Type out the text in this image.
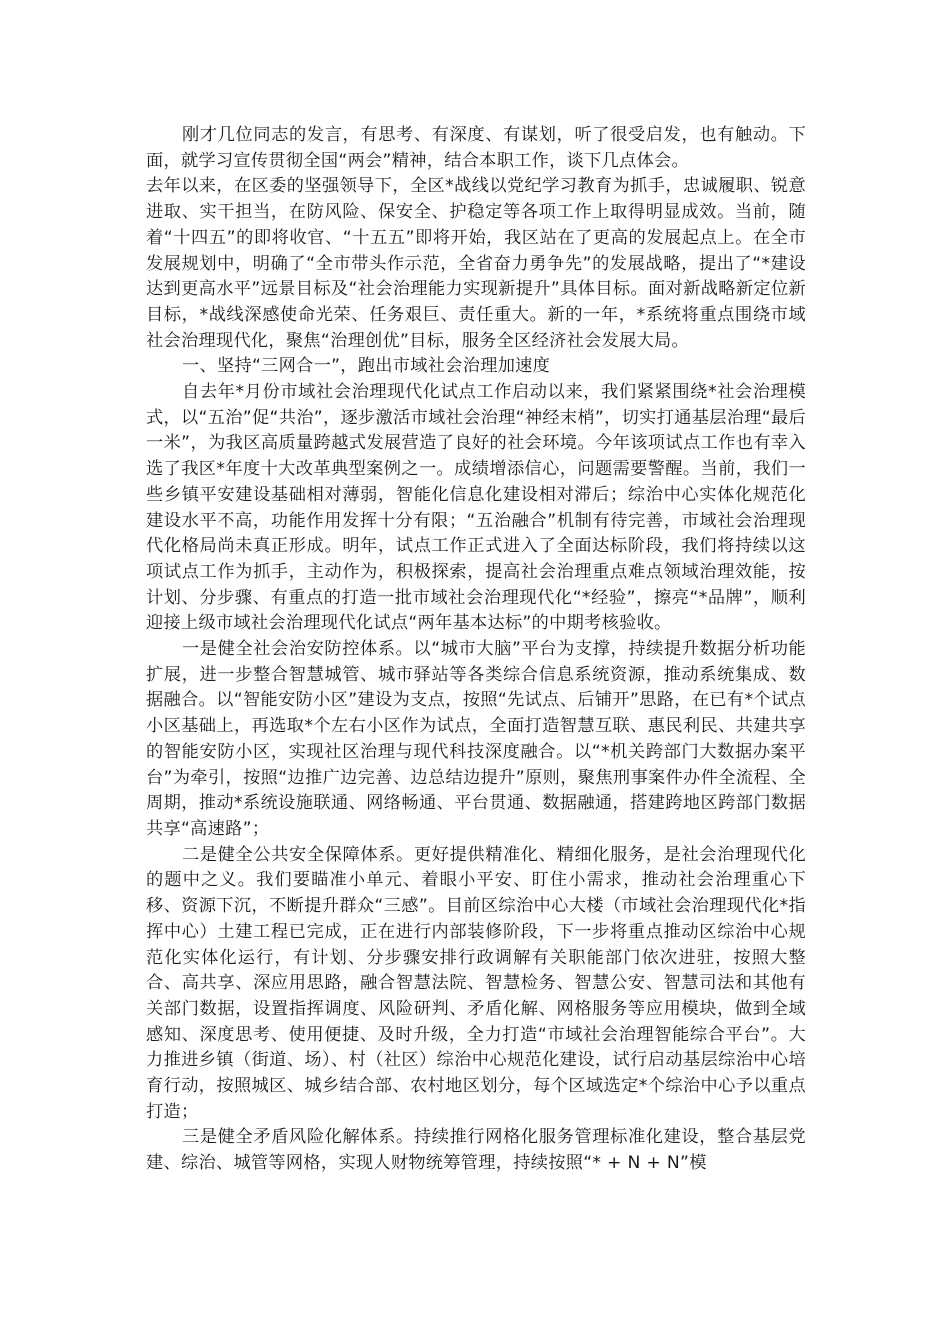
刚才几位同志的发言，有思考、有深度、有谋划，听了很受启发，也有触动。下面，就学习宣传贯彻全国“两会”精神，结合本职工作，谈下几点体会。

去年以来，在区委的坚强领导下，全区*战线以党纪学习教育为抓手，忠诚履职、锐意进取、实干担当，在防风险、保安全、护稳定等各项工作上取得明显成效。当前，随着“十四五”的即将收官、“十五五”即将开始，我区站在了更高的发展起点上。在全市发展规划中，明确了“全市带头作示范，全省奋力勇争先”的发展战略，提出了“*建设达到更高水平”远景目标及“社会治理能力实现新提升”具体目标。面对新战略新定位新目标，*战线深感使命光荣、任务艰巨、责任重大。新的一年，*系统将重点围绕市域社会治理现代化，聚焦“治理创优”目标，服务全区经济社会发展大局。

一、坚持“三网合一”，跑出市域社会治理加速度

自去年*月份市域社会治理现代化试点工作启动以来，我们紧紧围绕*社会治理模式，以“五治”促“共治”，逐步激活市域社会治理“神经末梢”，切实打通基层治理“最后一米”，为我区高质量跨越式发展营造了良好的社会环境。今年该项试点工作也有幸入选了我区*年度十大改革典型案例之一。成绩增添信心，问题需要警醒。当前，我们一些乡镇平安建设基础相对薄弱，智能化信息化建设相对滞后；综治中心实体化规范化建设水平不高，功能作用发挥十分有限；“五治融合”机制有待完善，市域社会治理现代化格局尚未真正形成。明年，试点工作正式进入了全面达标阶段，我们将持续以这项试点工作为抓手，主动作为，积极探索，提高社会治理重点难点领域治理效能，按计划、分步骤、有重点的打造一批市域社会治理现代化“*经验”，擦亮“*品牌”，顺利迎接上级市域社会治理现代化试点“两年基本达标”的中期考核验收。

一是健全社会治安防控体系。以“城市大脑”平台为支撑，持续提升数据分析功能扩展，进一步整合智慧城管、城市驿站等各类综合信息系统资源，推动系统集成、数据融合。以“智能安防小区”建设为支点，按照“先试点、后铺开”思路，在已有*个试点小区基础上，再选取*个左右小区作为试点，全面打造智慧互联、惠民利民、共建共享的智能安防小区，实现社区治理与现代科技深度融合。以“*机关跨部门大数据办案平台”为牵引，按照“边推广边完善、边总结边提升”原则，聚焦刑事案件办件全流程、全周期，推动*系统设施联通、网络畅通、平台贯通、数据融通，搭建跨地区跨部门数据共享“高速路”；

二是健全公共安全保障体系。更好提供精准化、精细化服务，是社会治理现代化的题中之义。我们要瞄准小单元、着眼小平安、盯住小需求，推动社会治理重心下移、资源下沉，不断提升群众“三感”。目前区综治中心大楼（市域社会治理现代化*指挥中心）土建工程已完成，正在进行内部装修阶段，下一步将重点推动区综治中心规范化实体化运行，有计划、分步骤安排行政调解有关职能部门依次进驻，按照大整合、高共享、深应用思路，融合智慧法院、智慧检务、智慧公安、智慧司法和其他有关部门数据，设置指挥调度、风险研判、矛盾化解、网格服务等应用模块，做到全域感知、深度思考、使用便捷、及时升级，全力打造“市域社会治理智能综合平台”。大力推进乡镇（街道、场）、村（社区）综治中心规范化建设，试行启动基层综治中心培育行动，按照城区、城乡结合部、农村地区划分，每个区域选定*个综治中心予以重点打造；

三是健全矛盾风险化解体系。持续推行网格化服务管理标准化建设，整合基层党建、综治、城管等网格，实现人财物统筹管理，持续按照“* + N + N”模
